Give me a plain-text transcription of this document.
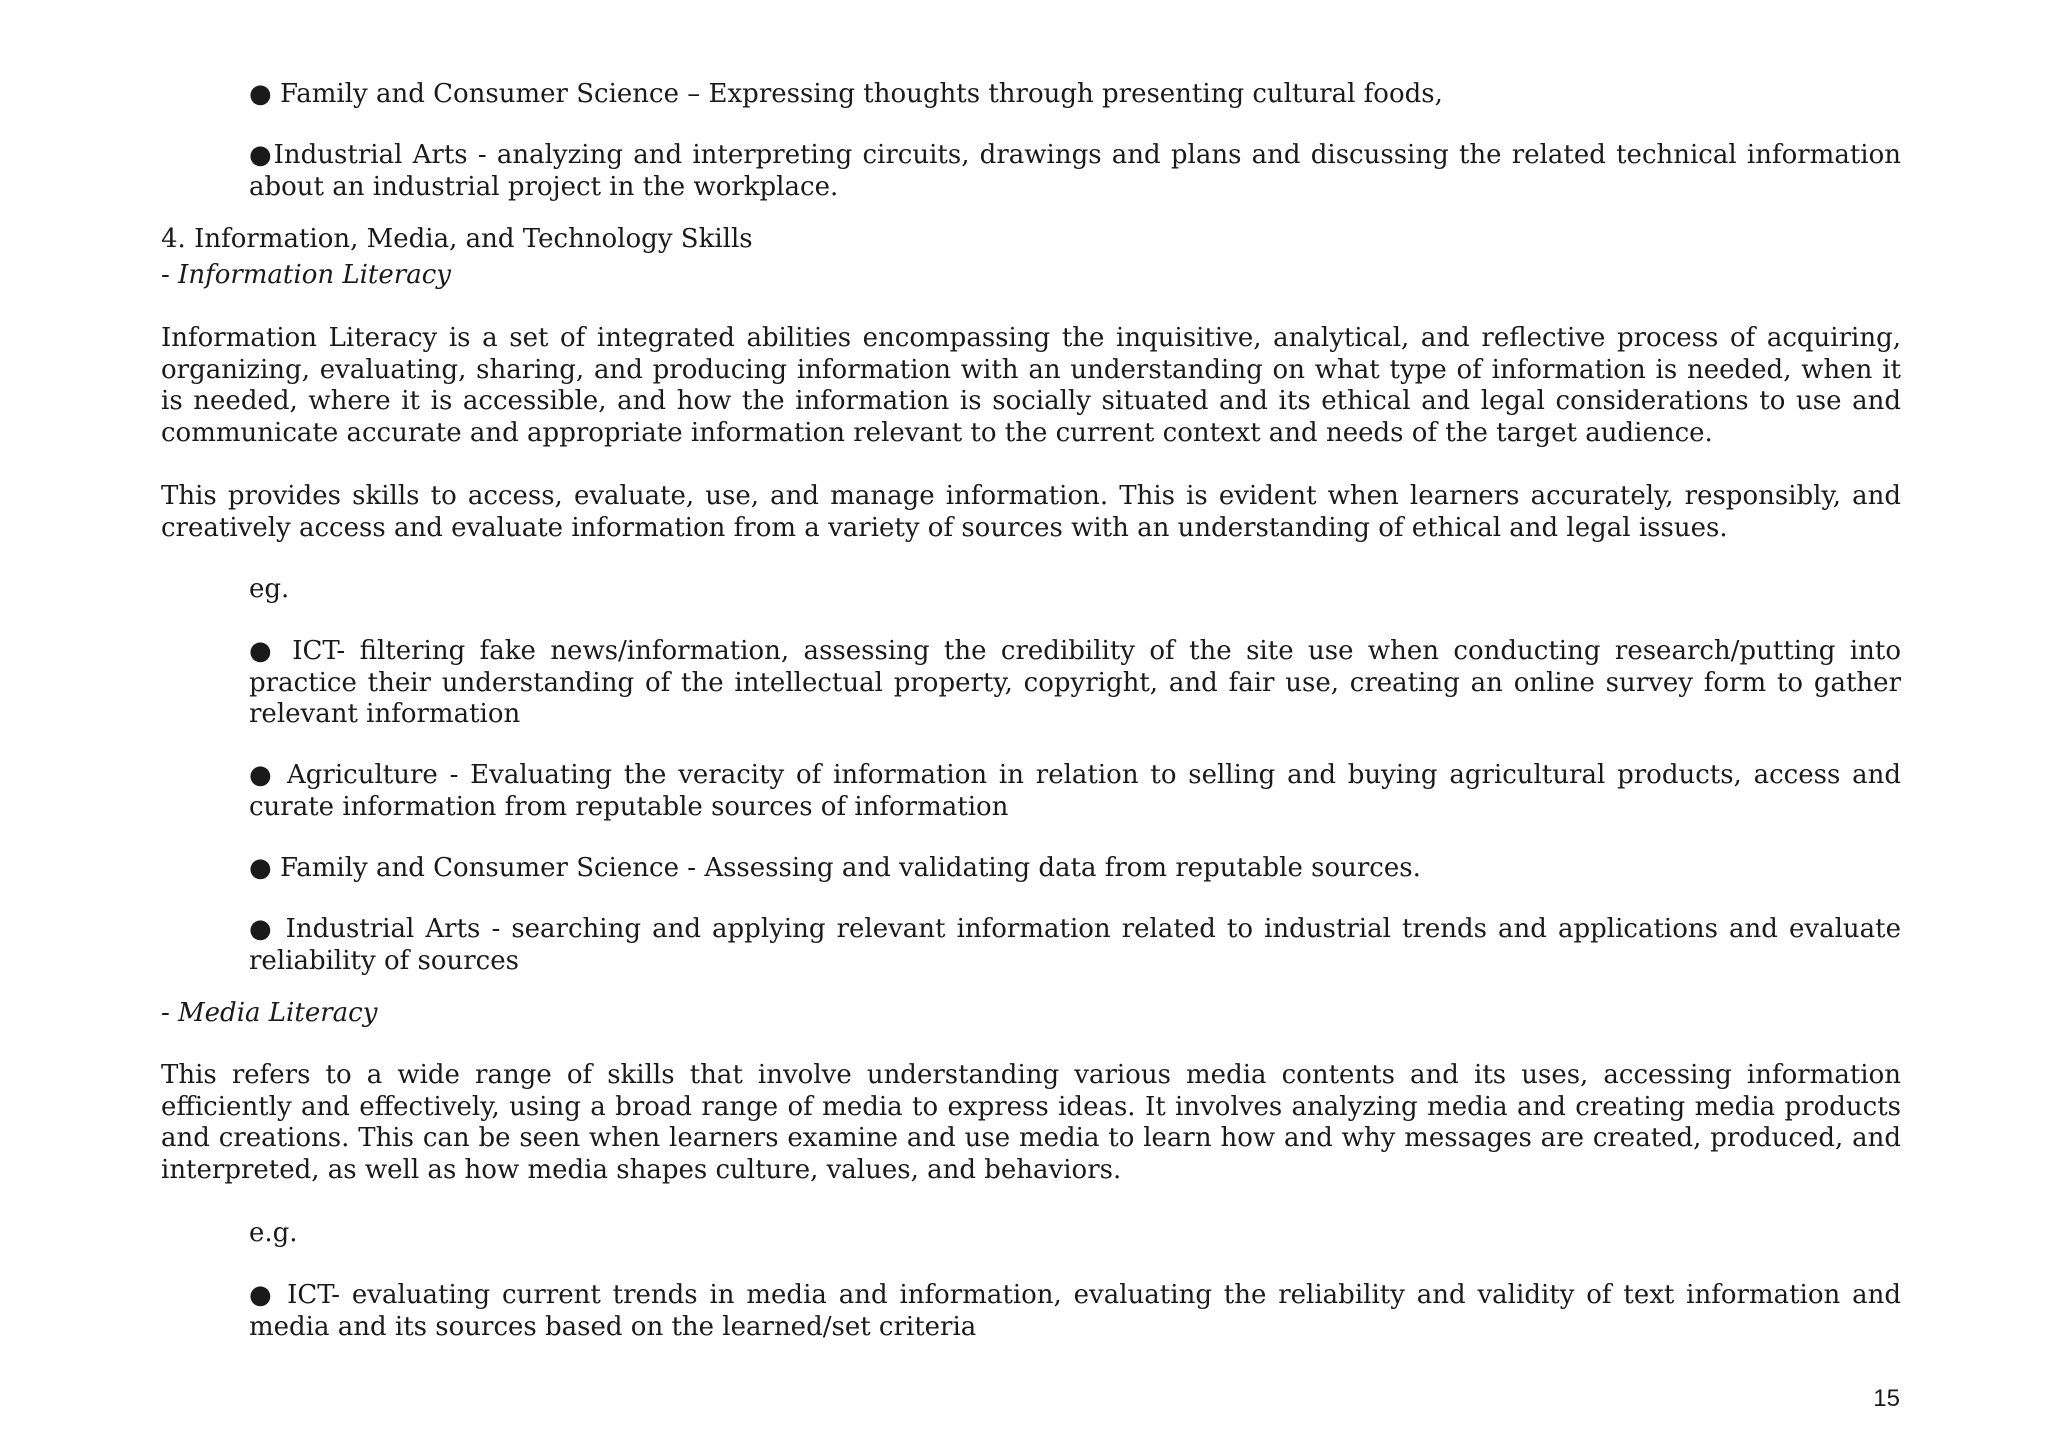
● Family and Consumer Science – Expressing thoughts through presenting cultural foods,

●Industrial Arts - analyzing and interpreting circuits, drawings and plans and discussing the related technical information about an industrial project in the workplace.

4. Information, Media, and Technology Skills

- Information Literacy

Information Literacy is a set of integrated abilities encompassing the inquisitive, analytical, and reflective process of acquiring, organizing, evaluating, sharing, and producing information with an understanding on what type of information is needed, when it is needed, where it is accessible, and how the information is socially situated and its ethical and legal considerations to use and communicate accurate and appropriate information relevant to the current context and needs of the target audience.

This provides skills to access, evaluate, use, and manage information. This is evident when learners accurately, responsibly, and creatively access and evaluate information from a variety of sources with an understanding of ethical and legal issues.

eg.

● ICT- filtering fake news/information, assessing the credibility of the site use when conducting research/putting into practice their understanding of the intellectual property, copyright, and fair use, creating an online survey form to gather relevant information

● Agriculture - Evaluating the veracity of information in relation to selling and buying agricultural products, access and curate information from reputable sources of information

● Family and Consumer Science - Assessing and validating data from reputable sources.

● Industrial Arts - searching and applying relevant information related to industrial trends and applications and evaluate reliability of sources

- Media Literacy

This refers to a wide range of skills that involve understanding various media contents and its uses, accessing information efficiently and effectively, using a broad range of media to express ideas. It involves analyzing media and creating media products and creations. This can be seen when learners examine and use media to learn how and why messages are created, produced, and interpreted, as well as how media shapes culture, values, and behaviors.

e.g.

● ICT- evaluating current trends in media and information, evaluating the reliability and validity of text information and media and its sources based on the learned/set criteria

15
